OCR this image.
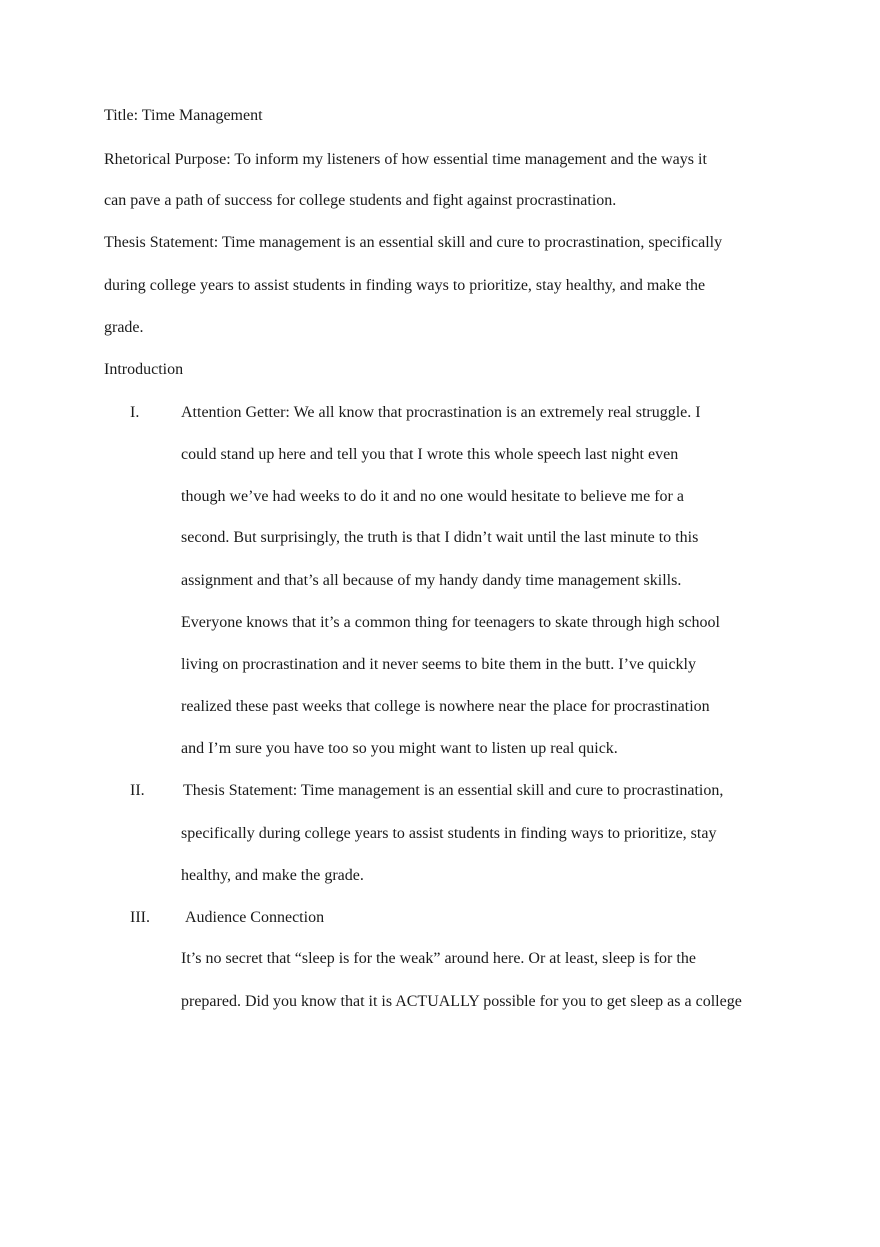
Title: Time Management
Rhetorical Purpose: To inform my listeners of how essential time management and the ways it
can pave a path of success for college students and fight against procrastination.
Thesis Statement: Time management is an essential skill and cure to procrastination, specifically
during college years to assist students in finding ways to prioritize, stay healthy, and make the
grade.
Introduction
I.	Attention Getter: We all know that procrastination is an extremely real struggle. I
could stand up here and tell you that I wrote this whole speech last night even
though we’ve had weeks to do it and no one would hesitate to believe me for a
second. But surprisingly, the truth is that I didn’t wait until the last minute to this
assignment and that’s all because of my handy dandy time management skills.
Everyone knows that it’s a common thing for teenagers to skate through high school
living on procrastination and it never seems to bite them in the butt. I’ve quickly
realized these past weeks that college is nowhere near the place for procrastination
and I’m sure you have too so you might want to listen up real quick.
II. Thesis Statement: Time management is an essential skill and cure to procrastination,
specifically during college years to assist students in finding ways to prioritize, stay
healthy, and make the grade.
III. Audience Connection
It’s no secret that “sleep is for the weak” around here. Or at least, sleep is for the
prepared. Did you know that it is ACTUALLY possible for you to get sleep as a college
